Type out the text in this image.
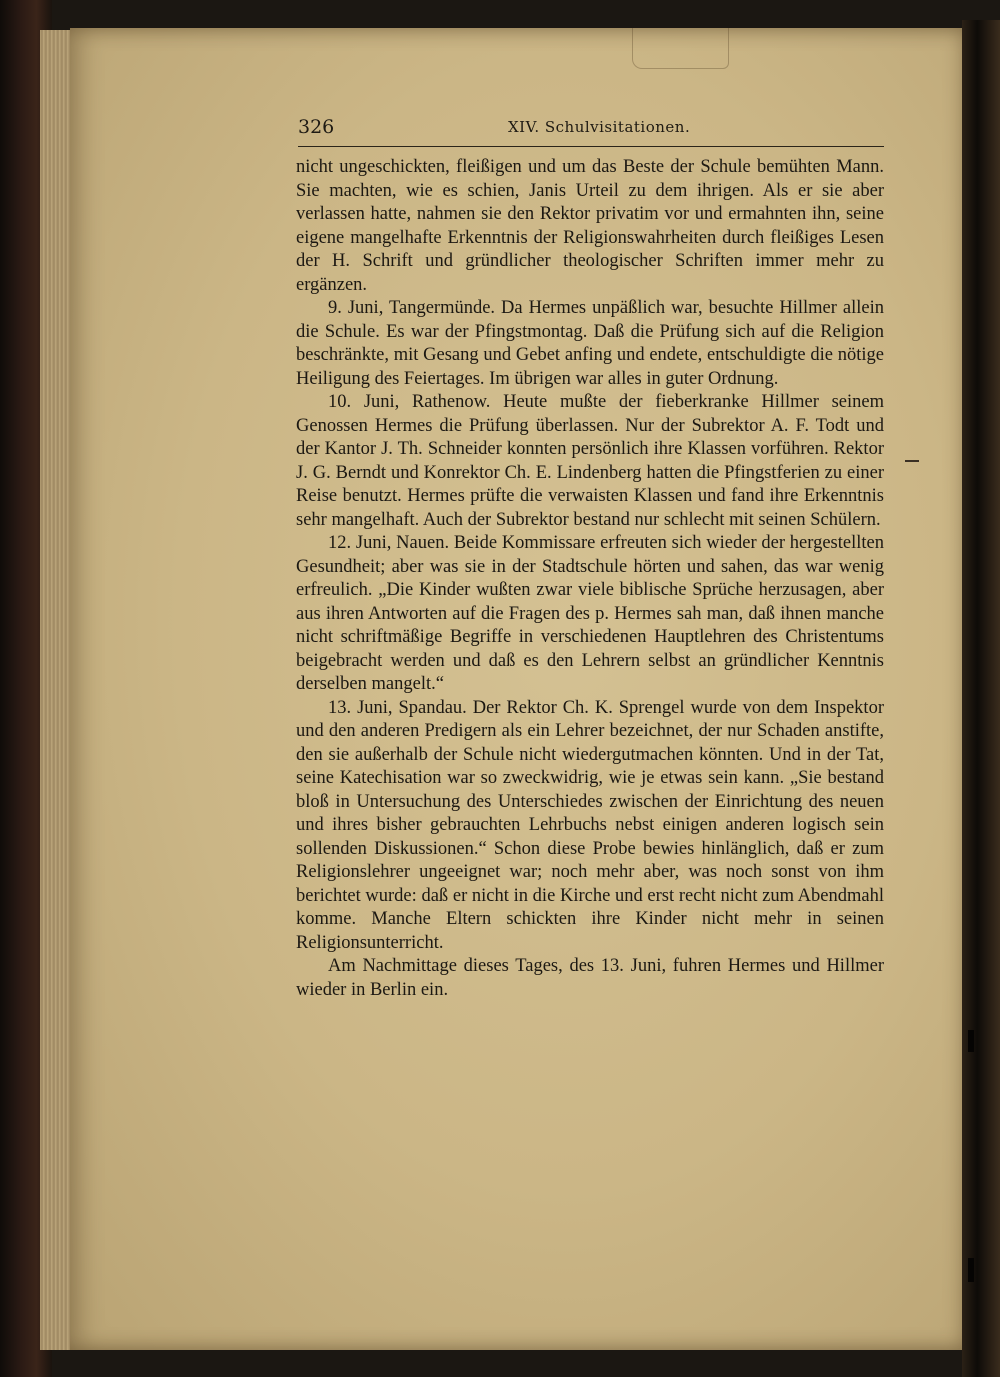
326	XIV. Schulvisitationen.

nicht ungeschickten, fleißigen und um das Beste der Schule bemühten Mann. Sie machten, wie es schien, Janis Urteil zu dem ihrigen. Als er sie aber verlassen hatte, nahmen sie den Rektor privatim vor und ermahnten ihn, seine eigene mangelhafte Erkenntnis der Religionswahrheiten durch fleißiges Lesen der H. Schrift und gründlicher theologischer Schriften immer mehr zu ergänzen.

9. Juni, Tangermünde. Da Hermes unpäßlich war, besuchte Hillmer allein die Schule. Es war der Pfingstmontag. Daß die Prüfung sich auf die Religion beschränkte, mit Gesang und Gebet anfing und endete, entschuldigte die nötige Heiligung des Feiertages. Im übrigen war alles in guter Ordnung.

10. Juni, Rathenow. Heute mußte der fieberkranke Hillmer seinem Genossen Hermes die Prüfung überlassen. Nur der Subrektor A. F. Todt und der Kantor J. Th. Schneider konnten persönlich ihre Klassen vorführen. Rektor J. G. Berndt und Konrektor Ch. E. Lindenberg hatten die Pfingstferien zu einer Reise benutzt. Hermes prüfte die verwaisten Klassen und fand ihre Erkenntnis sehr mangelhaft. Auch der Subrektor bestand nur schlecht mit seinen Schülern.

12. Juni, Nauen. Beide Kommissare erfreuten sich wieder der hergestellten Gesundheit; aber was sie in der Stadtschule hörten und sahen, das war wenig erfreulich. „Die Kinder wußten zwar viele biblische Sprüche herzusagen, aber aus ihren Antworten auf die Fragen des p. Hermes sah man, daß ihnen manche nicht schriftmäßige Begriffe in verschiedenen Hauptlehren des Christentums beigebracht werden und daß es den Lehrern selbst an gründlicher Kenntnis derselben mangelt.“

13. Juni, Spandau. Der Rektor Ch. K. Sprengel wurde von dem Inspektor und den anderen Predigern als ein Lehrer bezeichnet, der nur Schaden anstifte, den sie außerhalb der Schule nicht wiedergutmachen könnten. Und in der Tat, seine Katechisation war so zweckwidrig, wie je etwas sein kann. „Sie bestand bloß in Untersuchung des Unterschiedes zwischen der Einrichtung des neuen und ihres bisher gebrauchten Lehrbuchs nebst einigen anderen logisch sein sollenden Diskussionen.“ Schon diese Probe bewies hinlänglich, daß er zum Religionslehrer ungeeignet war; noch mehr aber, was noch sonst von ihm berichtet wurde: daß er nicht in die Kirche und erst recht nicht zum Abendmahl komme. Manche Eltern schickten ihre Kinder nicht mehr in seinen Religionsunterricht.

Am Nachmittage dieses Tages, des 13. Juni, fuhren Hermes und Hillmer wieder in Berlin ein.
